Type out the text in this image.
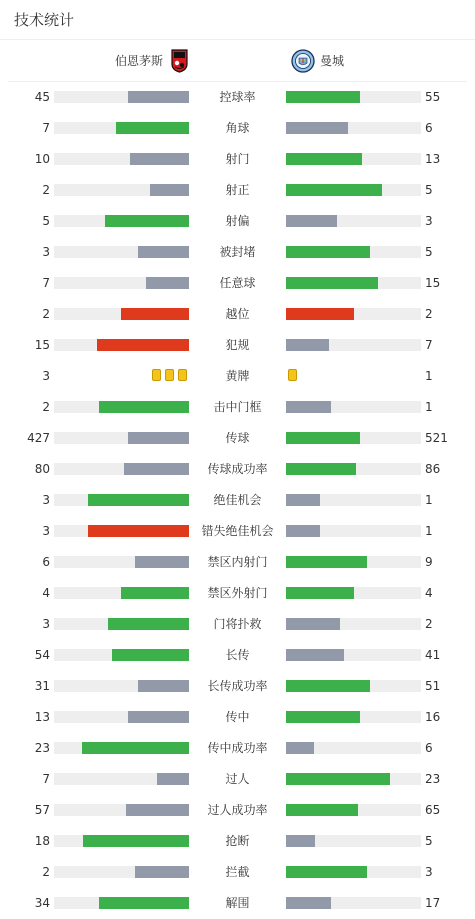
技术统计
伯恩茅斯	曼城
45	控球率	55
7	角球	6
10	射门	13
2	射正	5
5	射偏	3
3	被封堵	5
7	任意球	15
2	越位	2
15	犯规	7
3	黄牌	1
2	击中门框	1
427	传球	521
80	传球成功率	86
3	绝佳机会	1
3	错失绝佳机会	1
6	禁区内射门	9
4	禁区外射门	4
3	门将扑救	2
54	长传	41
31	长传成功率	51
13	传中	16
23	传中成功率	6
7	过人	23
57	过人成功率	65
18	抢断	5
2	拦截	3
34	解围	17
